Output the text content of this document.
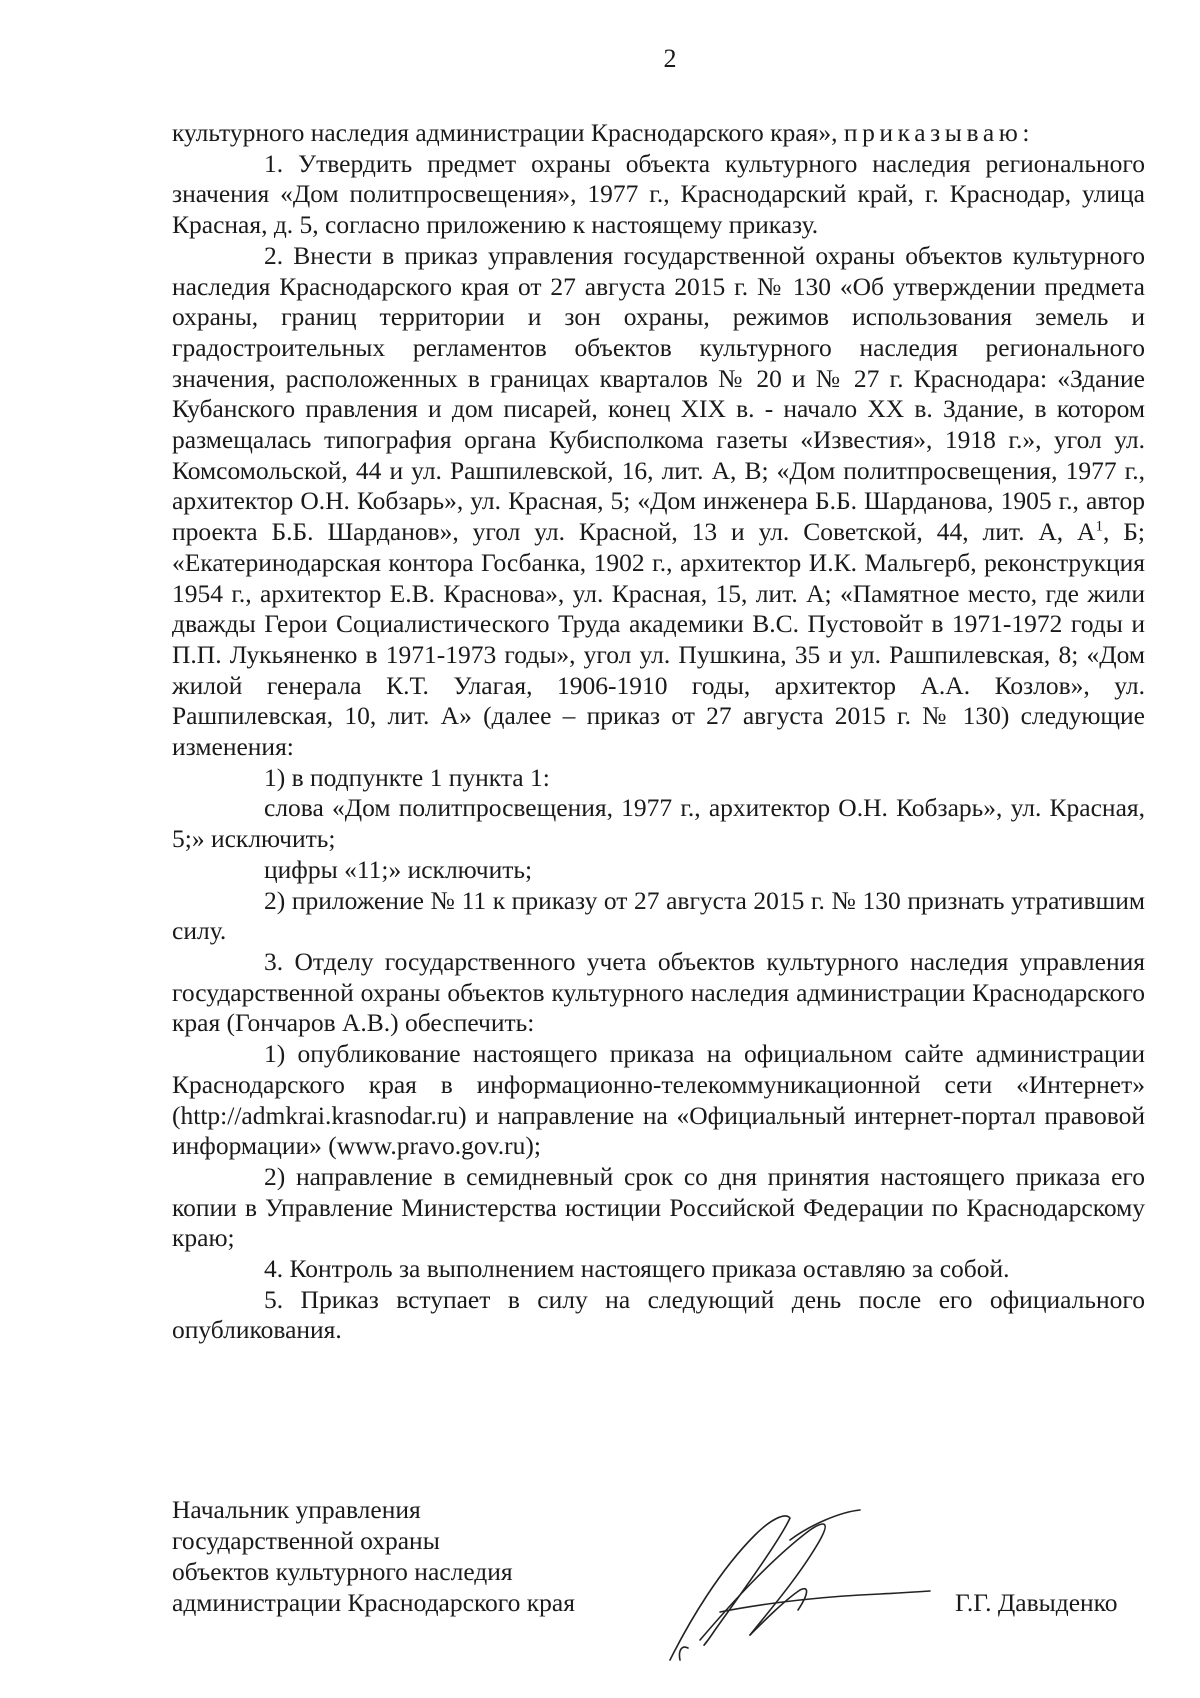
2

культурного наследия администрации Краснодарского края», приказываю:

1. Утвердить предмет охраны объекта культурного наследия регионального значения «Дом политпросвещения», 1977 г., Краснодарский край, г. Краснодар, улица Красная, д. 5, согласно приложению к настоящему приказу.

2. Внести в приказ управления государственной охраны объектов культурного наследия Краснодарского края от 27 августа 2015 г. № 130 «Об утверждении предмета охраны, границ территории и зон охраны, режимов использования земель и градостроительных регламентов объектов культурного наследия регионального значения, расположенных в границах кварталов № 20 и № 27 г. Краснодара: «Здание Кубанского правления и дом писарей, конец XIX в. - начало XX в. Здание, в котором размещалась типография органа Кубисполкома газеты «Известия», 1918 г.», угол ул. Комсомольской, 44 и ул. Рашпилевской, 16, лит. А, В; «Дом политпросвещения, 1977 г., архитектор О.Н. Кобзарь», ул. Красная, 5; «Дом инженера Б.Б. Шарданова, 1905 г., автор проекта Б.Б. Шарданов», угол ул. Красной, 13 и ул. Советской, 44, лит. А, $А^1$, Б; «Екатеринодарская контора Госбанка, 1902 г., архитектор И.К. Мальгерб, реконструкция 1954 г., архитектор Е.В. Краснова», ул. Красная, 15, лит. А; «Памятное место, где жили дважды Герои Социалистического Труда академики В.С. Пустовойт в 1971-1972 годы и П.П. Лукьяненко в 1971-1973 годы», угол ул. Пушкина, 35 и ул. Рашпилевская, 8; «Дом жилой генерала К.Т. Улагая, 1906-1910 годы, архитектор А.А. Козлов», ул. Рашпилевская, 10, лит. А» (далее – приказ от 27 августа 2015 г. № 130) следующие изменения:

1) в подпункте 1 пункта 1:

слова «Дом политпросвещения, 1977 г., архитектор О.Н. Кобзарь», ул. Красная, 5;» исключить;

цифры «11;» исключить;

2) приложение № 11 к приказу от 27 августа 2015 г. № 130 признать утратившим силу.

3. Отделу государственного учета объектов культурного наследия управления государственной охраны объектов культурного наследия администрации Краснодарского края (Гончаров А.В.) обеспечить:

1) опубликование настоящего приказа на официальном сайте администрации Краснодарского края в информационно-телекоммуникационной сети «Интернет» (http://admkrai.krasnodar.ru) и направление на «Официальный интернет-портал правовой информации» (www.pravo.gov.ru);

2) направление в семидневный срок со дня принятия настоящего приказа его копии в Управление Министерства юстиции Российской Федерации по Краснодарскому краю;

4. Контроль за выполнением настоящего приказа оставляю за собой.

5. Приказ вступает в силу на следующий день после его официального опубликования.

Начальник управления
государственной охраны
объектов культурного наследия
администрации Краснодарского края	Г.Г. Давыденко
